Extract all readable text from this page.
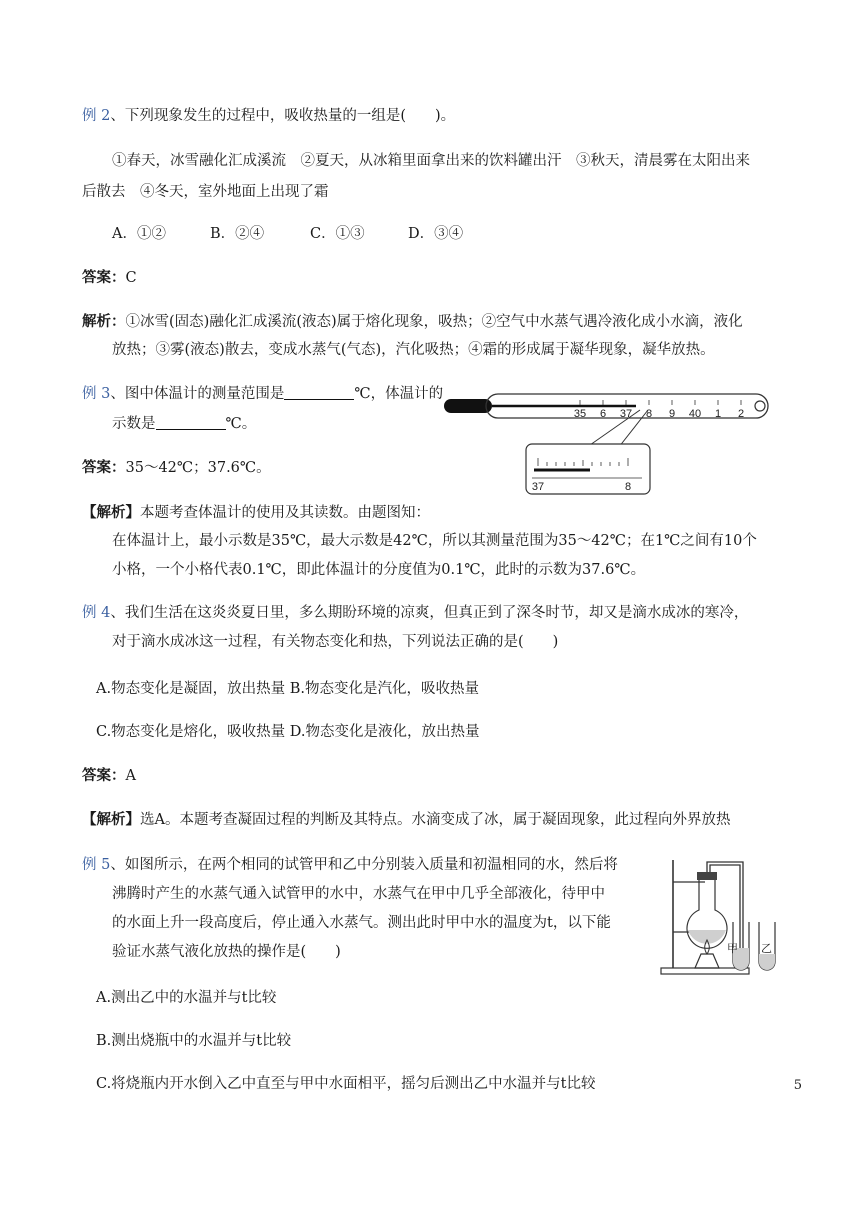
例 2、下列现象发生的过程中，吸收热量的一组是(　　)。
①春天，冰雪融化汇成溪流　②夏天，从冰箱里面拿出来的饮料罐出汗　③秋天，清晨雾在太阳出来
后散去　④冬天，室外地面上出现了霜
A．①②	B．②④	C．①③	D．③④
答案：C
解析：①冰雪(固态)融化汇成溪流(液态)属于熔化现象，吸热；②空气中水蒸气遇冷液化成小水滴，液化
放热；③雾(液态)散去，变成水蒸气(气态)，汽化吸热；④霜的形成属于凝华现象，凝华放热。
例 3、图中体温计的测量范围是	℃，体温计的
示数是	℃。
35 6 37 8 9 40 1 2
37	8
答案：35～42℃；37.6℃。
【解析】本题考查体温计的使用及其读数。由题图知：
在体温计上，最小示数是35℃，最大示数是42℃，所以其测量范围为35～42℃；在1℃之间有10个
小格，一个小格代表0.1℃，即此体温计的分度值为0.1℃，此时的示数为37.6℃。
例 4、我们生活在这炎炎夏日里，多么期盼环境的凉爽，但真正到了深冬时节，却又是滴水成冰的寒冷，
对于滴水成冰这一过程，有关物态变化和热，下列说法正确的是(　　)
A.物态变化是凝固，放出热量 B.物态变化是汽化，吸收热量
C.物态变化是熔化，吸收热量 D.物态变化是液化，放出热量
答案：A
【解析】选A。本题考查凝固过程的判断及其特点。水滴变成了冰，属于凝固现象，此过程向外界放热
例 5、如图所示，在两个相同的试管甲和乙中分别装入质量和初温相同的水，然后将
沸腾时产生的水蒸气通入试管甲的水中，水蒸气在甲中几乎全部液化，待甲中
的水面上升一段高度后，停止通入水蒸气。测出此时甲中水的温度为t，以下能
验证水蒸气液化放热的操作是(　　)	甲 乙
A.测出乙中的水温并与t比较
B.测出烧瓶中的水温并与t比较
C.将烧瓶内开水倒入乙中直至与甲中水面相平，摇匀后测出乙中水温并与t比较	5
